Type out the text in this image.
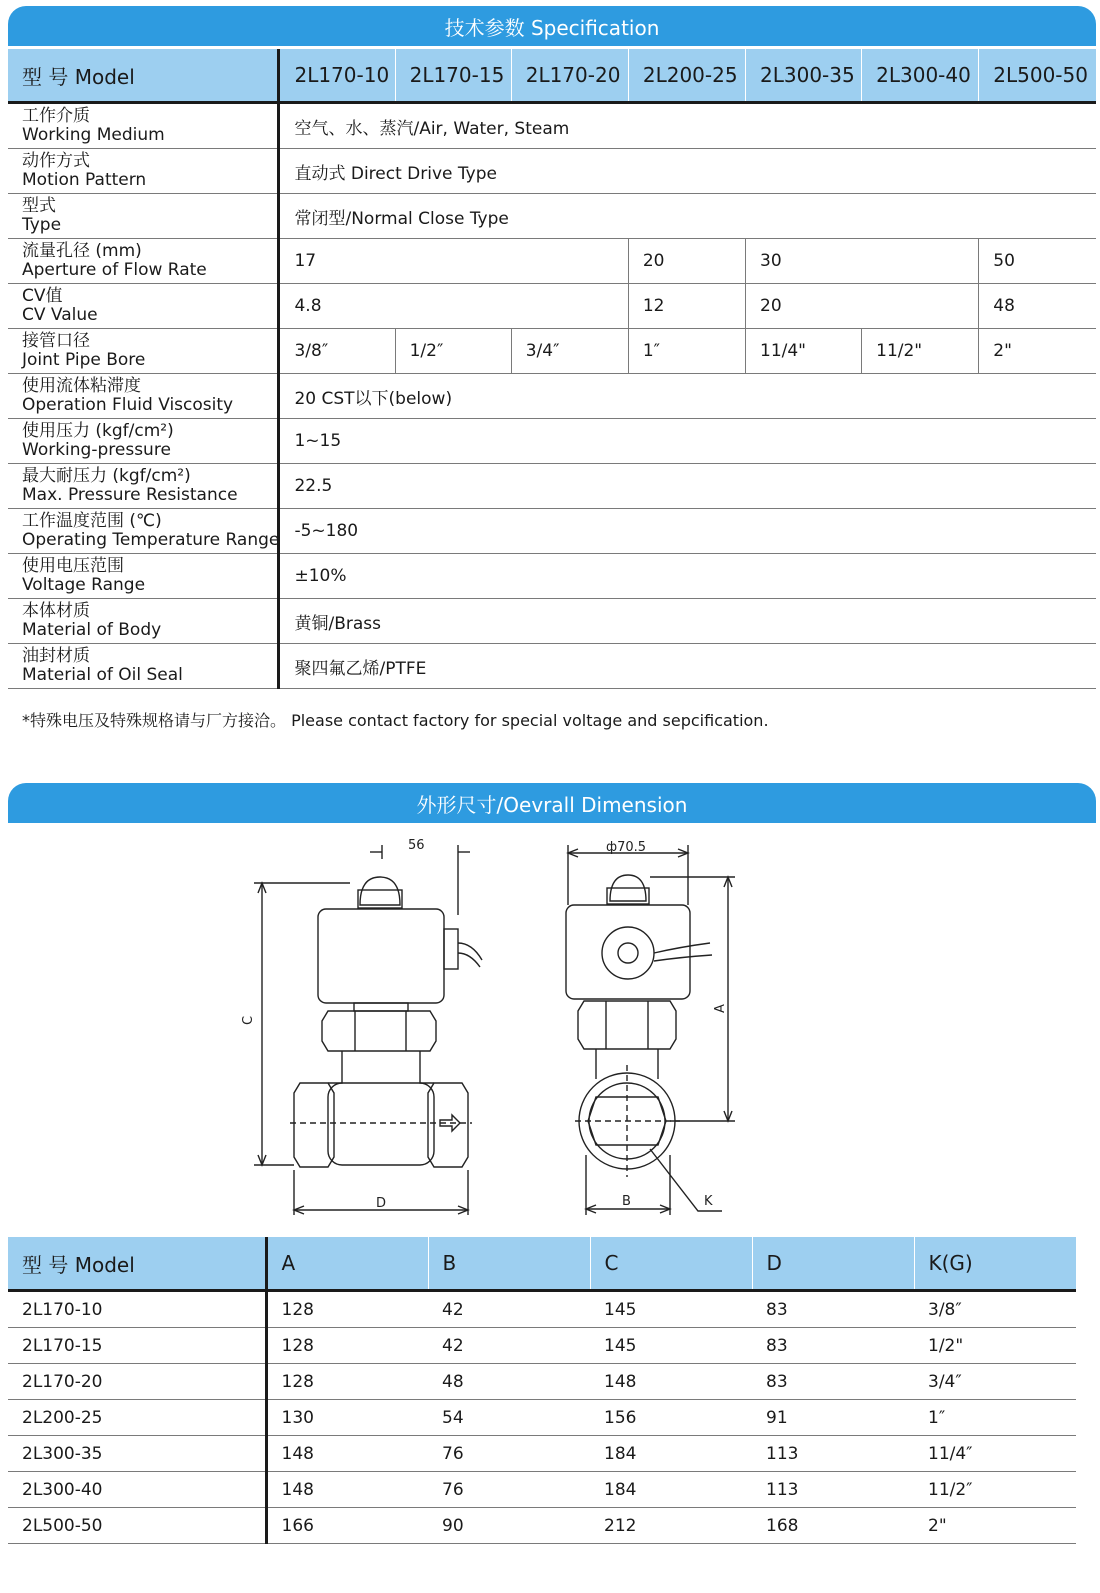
技术参数 Specification
型 号 Model	2L170-10	2L170-15	2L170-20	2L200-25	2L300-35	2L300-40	2L500-50

工作介质
Working Medium	空气、水、蒸汽/Air, Water, Steam						

动作方式
Motion Pattern	直动式 Direct Drive Type						

型式
Type	常闭型/Normal Close Type						

流量孔径 (mm)
Aperture of Flow Rate	17			20	30		50

CV值
CV Value	4.8			12	20		48

接管口径
Joint Pipe Bore	3/8″	1/2″	3/4″	1″	11/4"	11/2"	2"

使用流体粘滞度
Operation Fluid Viscosity	20 CST以下(below)						

使用压力 (kgf/cm²)
Working-pressure	1~15						

最大耐压力 (kgf/cm²)
Max. Pressure Resistance	22.5						

工作温度范围 (℃)
Operating Temperature Range	-5~180						

使用电压范围
Voltage Range	±10%						

本体材质
Material of Body	黄铜/Brass						

油封材质
Material of Oil Seal	聚四氟乙烯/PTFE						
*特殊电压及特殊规格请与厂方接洽。 Please contact factory for special voltage and sepcification.
外形尺寸/Oevrall Dimension
56
C
D
ф70.5
A
B	K
型 号 Model	A	B	C	D	K(G)
2L170-10	128	42	145	83	3/8″
2L170-15	128	42	145	83	1/2"
2L170-20	128	48	148	83	3/4″
2L200-25	130	54	156	91	1″
2L300-35	148	76	184	113	11/4″
2L300-40	148	76	184	113	11/2″
2L500-50	166	90	212	168	2"
